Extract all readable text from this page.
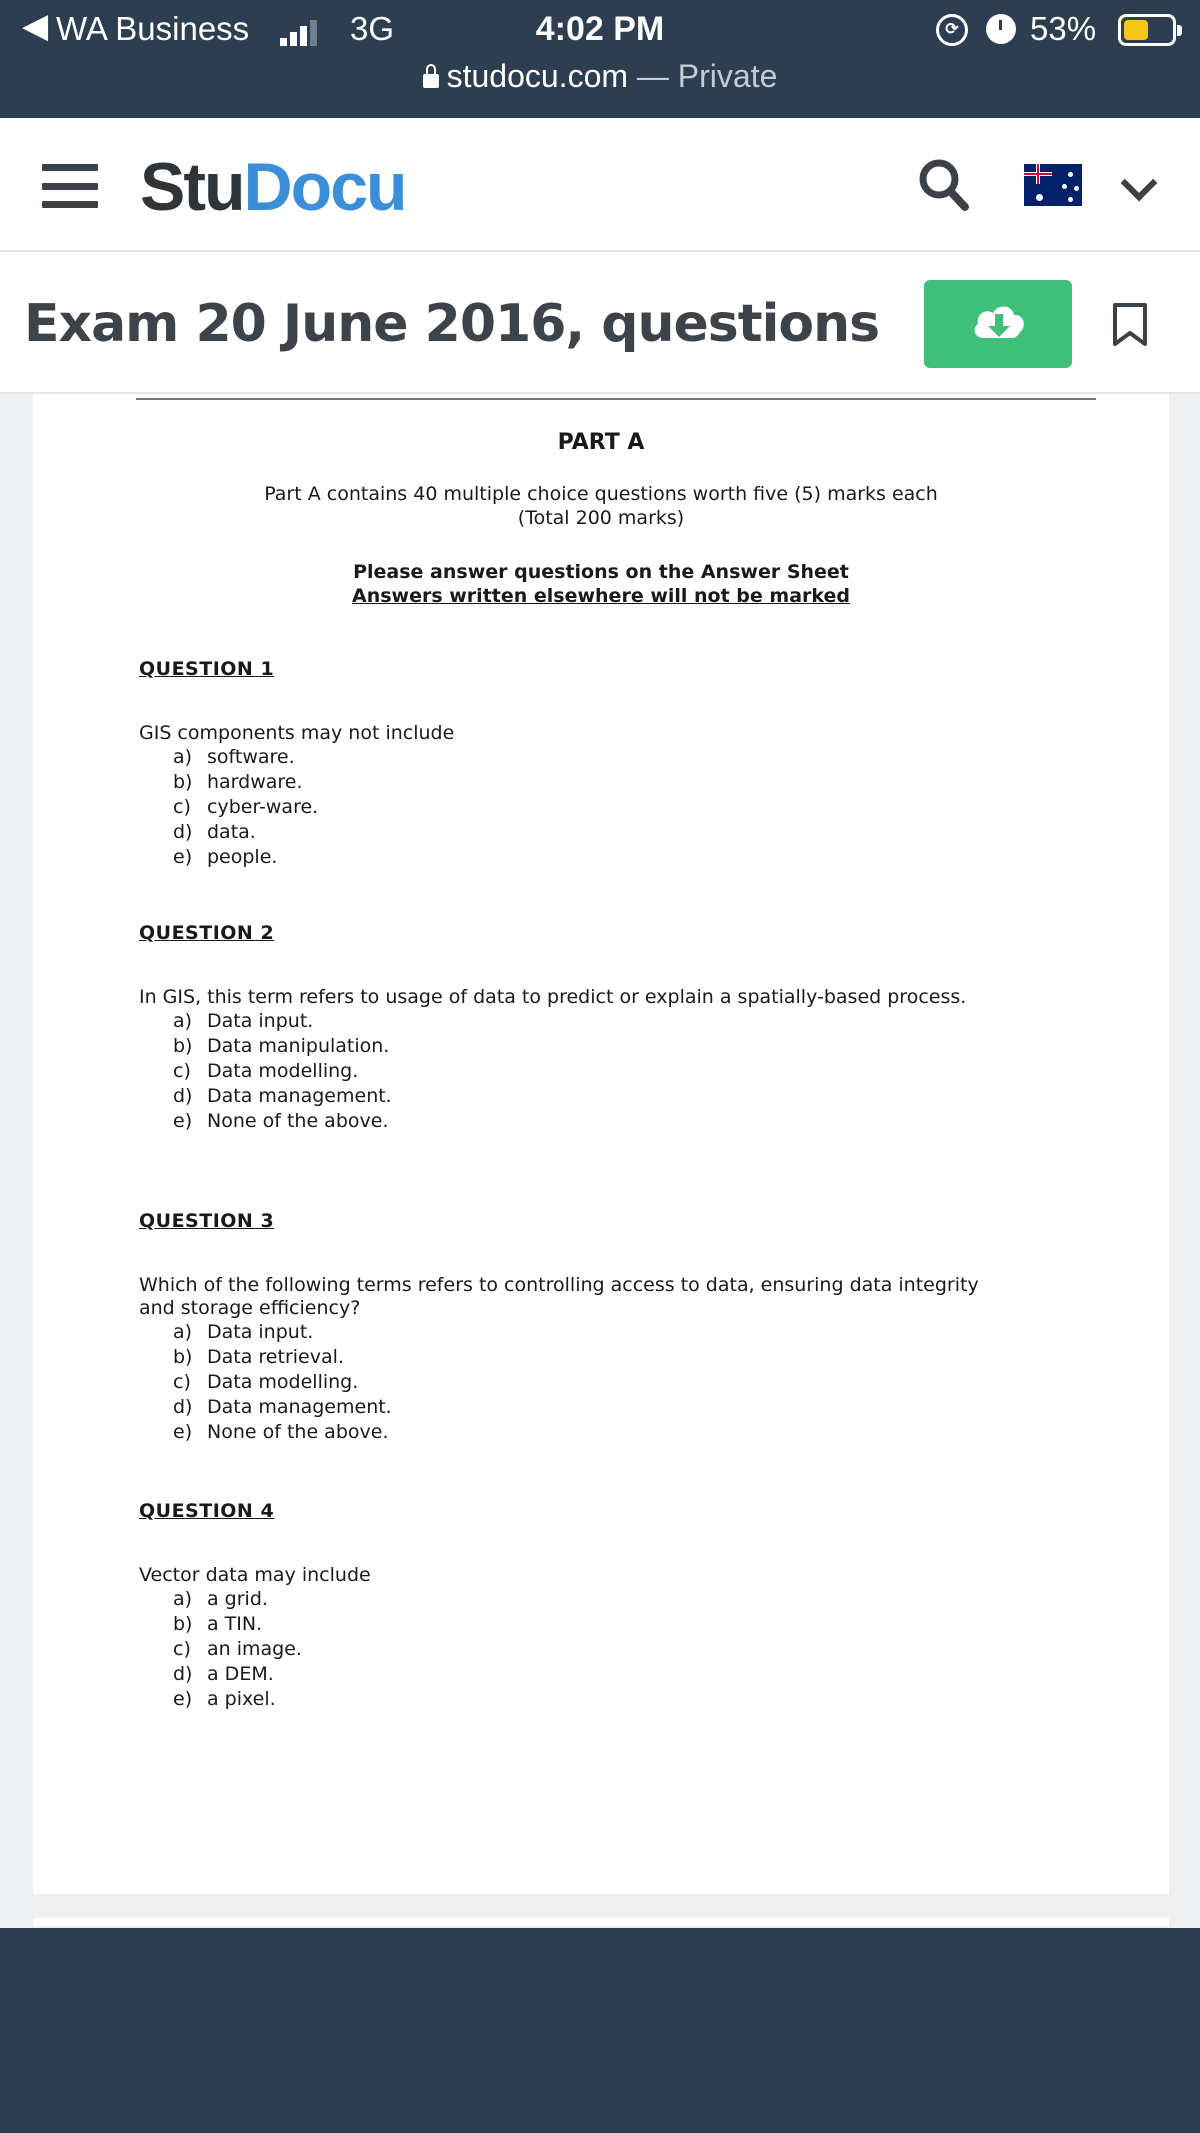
◀ WA Business	3G	4:02 PM
studocu.com — Private
⟳ 53%
StuDocu
Exam 20 June 2016, questions
PART A
Part A contains 40 multiple choice questions worth five (5) marks each
(Total 200 marks)
Please answer questions on the Answer Sheet
Answers written elsewhere will not be marked
QUESTION 1
GIS components may not include
a) software.
b) hardware.
c) cyber-ware.
d) data.
e) people.
QUESTION 2
In GIS, this term refers to usage of data to predict or explain a spatially-based process.
a) Data input.
b) Data manipulation.
c) Data modelling.
d) Data management.
e) None of the above.
QUESTION 3
Which of the following terms refers to controlling access to data, ensuring data integrity and storage efficiency?
a) Data input.
b) Data retrieval.
c) Data modelling.
d) Data management.
e) None of the above.
QUESTION 4
Vector data may include
a) a grid.
b) a TIN.
c) an image.
d) a DEM.
e) a pixel.
